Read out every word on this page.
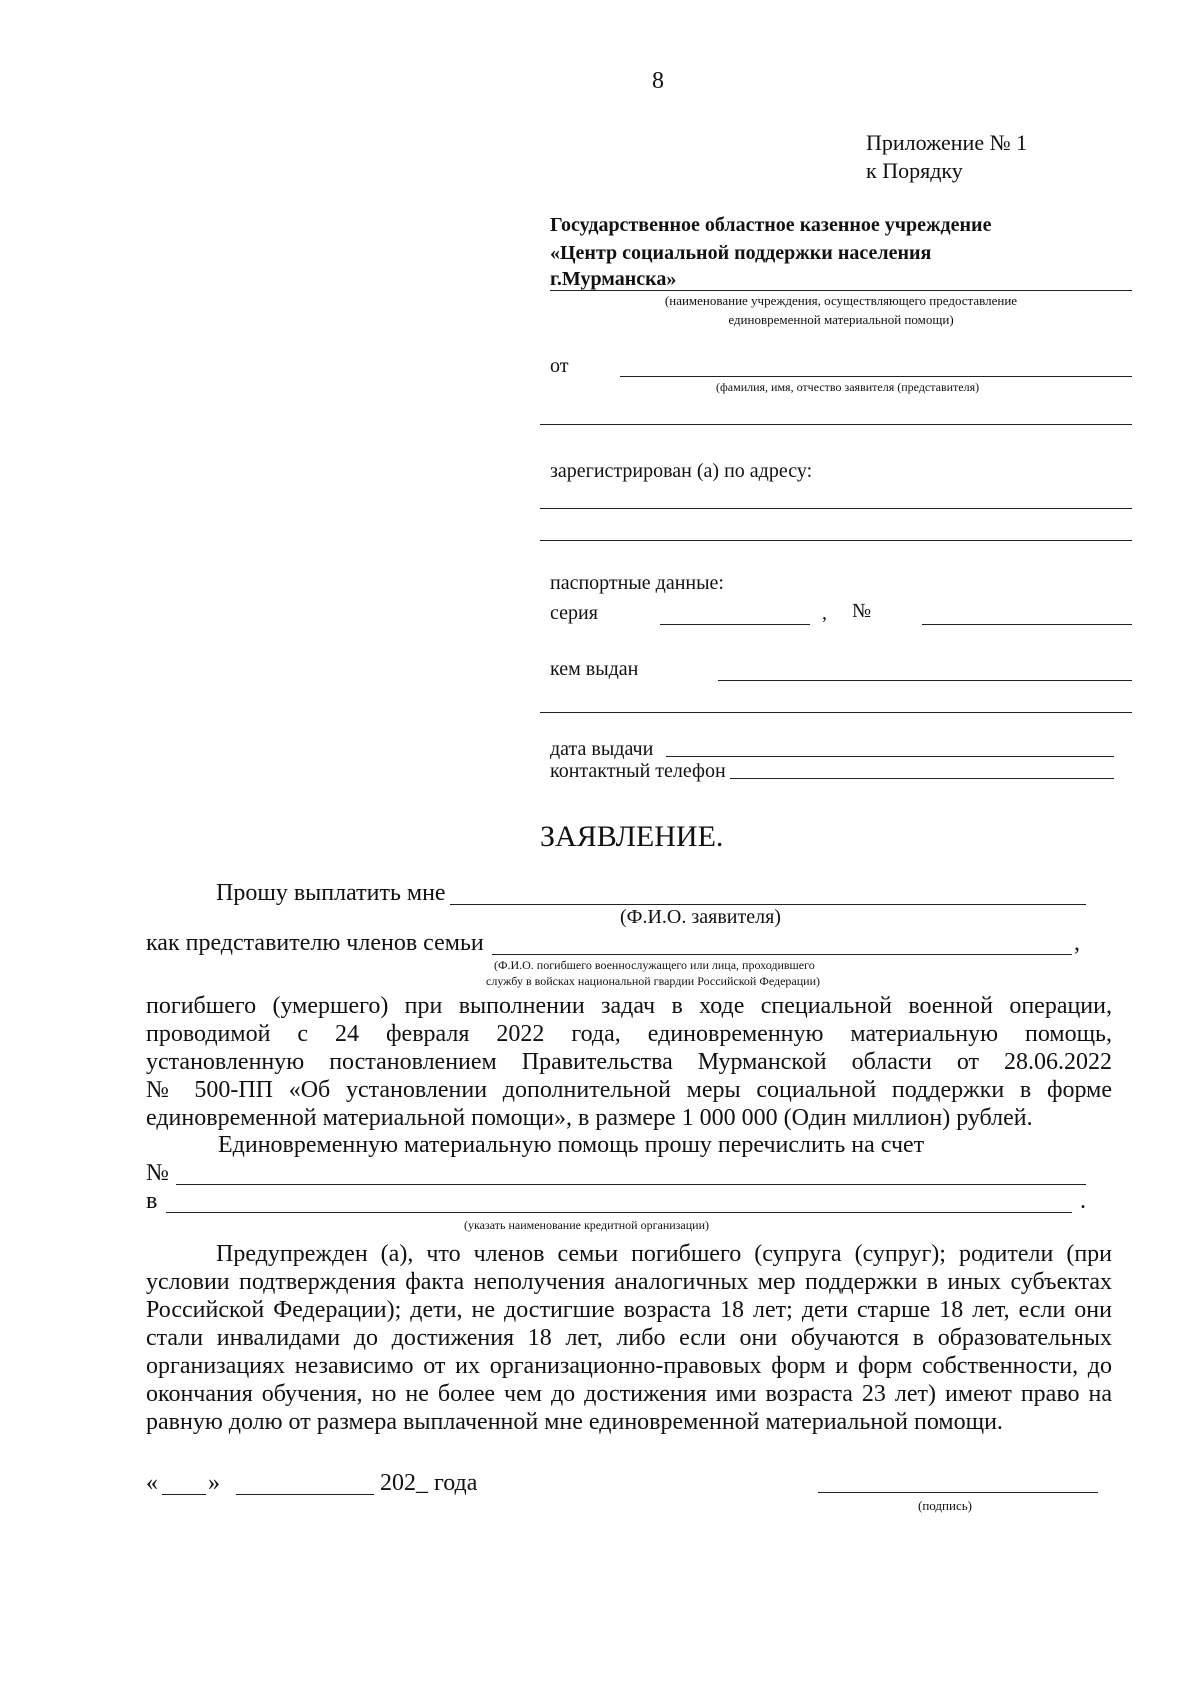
8
Приложение № 1
к Порядку
Государственное областное казенное учреждение
«Центр социальной поддержки населения
г.Мурманска»
(наименование учреждения, осуществляющего предоставление
единовременной материальной помощи)
от
(фамилия, имя, отчество заявителя (представителя)
зарегистрирован (а) по адресу:
паспортные данные:
серия	, №
кем выдан
дата выдачи
контактный телефон
ЗАЯВЛЕНИЕ.
Прошу выплатить мне
(Ф.И.О. заявителя)
как представителю членов семьи	,
(Ф.И.О. погибшего военнослужащего или лица, проходившего
службу в войсках национальной гвардии Российской Федерации)
погибшего (умершего) при выполнении задач в ходе специальной военной операции,
проводимой с 24 февраля 2022 года, единовременную материальную помощь,
установленную постановлением Правительства Мурманской области от 28.06.2022
№ 500-ПП «Об установлении дополнительной меры социальной поддержки в форме
единовременной материальной помощи», в размере 1 000 000 (Один миллион) рублей.
Единовременную материальную помощь прошу перечислить на счет
№
в	.
(указать наименование кредитной организации)
Предупрежден (а), что членов семьи погибшего (супруга (супруг); родители (при
условии подтверждения факта неполучения аналогичных мер поддержки в иных субъектах
Российской Федерации); дети, не достигшие возраста 18 лет; дети старше 18 лет, если они
стали инвалидами до достижения 18 лет, либо если они обучаются в образовательных
организациях независимо от их организационно-правовых форм и форм собственности, до
окончания обучения, но не более чем до достижения ими возраста 23 лет) имеют право на
равную долю от размера выплаченной мне единовременной материальной помощи.
« »	202_ года
(подпись)
